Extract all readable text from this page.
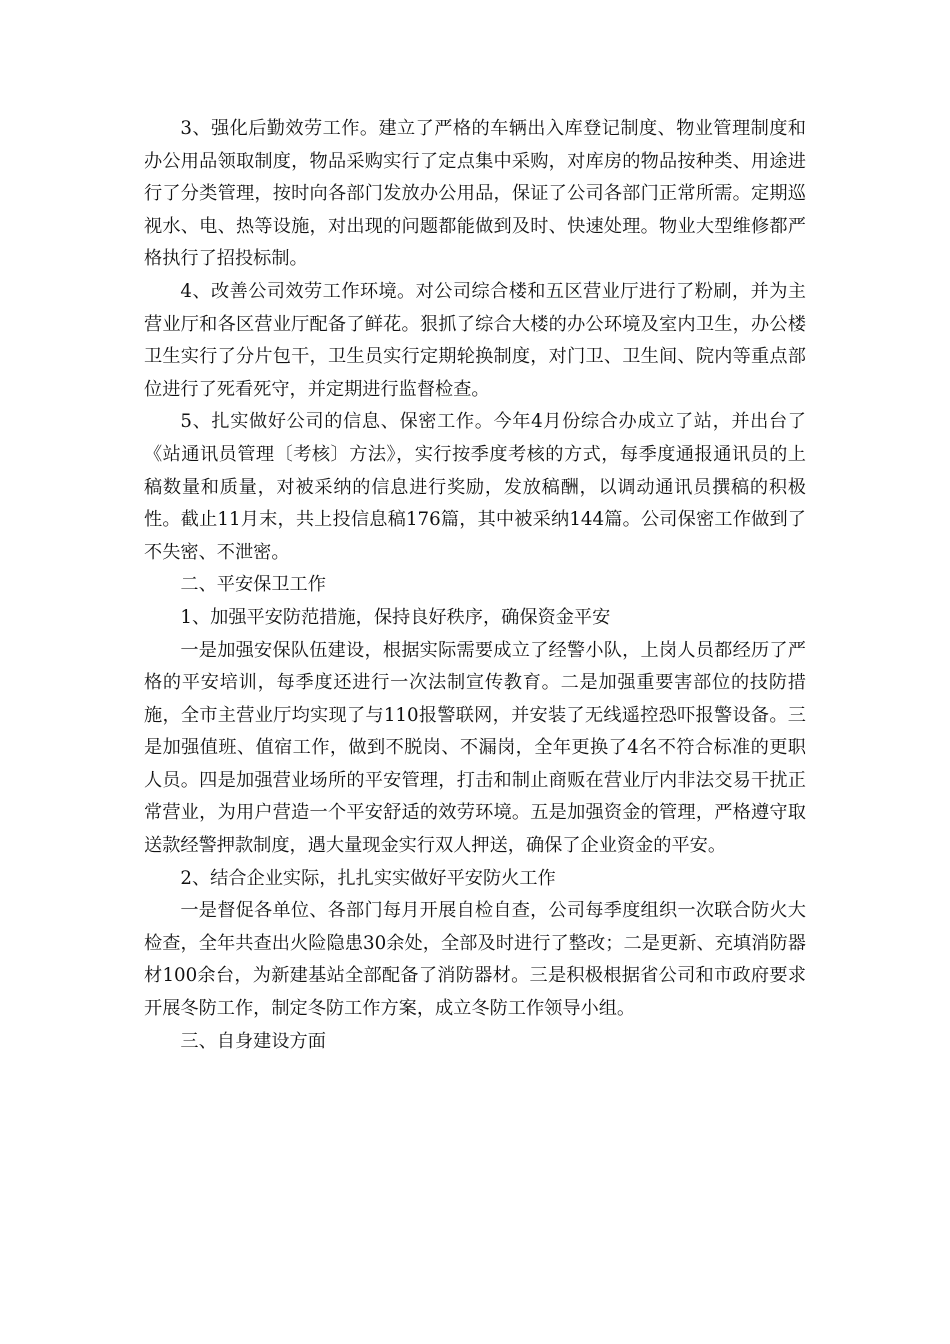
3、强化后勤效劳工作。建立了严格的车辆出入库登记制度、物业管理制度和办公用品领取制度，物品采购实行了定点集中采购，对库房的物品按种类、用途进行了分类管理，按时向各部门发放办公用品，保证了公司各部门正常所需。定期巡视水、电、热等设施，对出现的问题都能做到及时、快速处理。物业大型维修都严格执行了招投标制。

4、改善公司效劳工作环境。对公司综合楼和五区营业厅进行了粉刷，并为主营业厅和各区营业厅配备了鲜花。狠抓了综合大楼的办公环境及室内卫生，办公楼卫生实行了分片包干，卫生员实行定期轮换制度，对门卫、卫生间、院内等重点部位进行了死看死守，并定期进行监督检查。

5、扎实做好公司的信息、保密工作。今年4月份综合办成立了站，并出台了《站通讯员管理〔考核〕方法》，实行按季度考核的方式，每季度通报通讯员的上稿数量和质量，对被采纳的信息进行奖励，发放稿酬，以调动通讯员撰稿的积极性。截止11月末，共上投信息稿176篇，其中被采纳144篇。公司保密工作做到了不失密、不泄密。

二、平安保卫工作

1、加强平安防范措施，保持良好秩序，确保资金平安

一是加强安保队伍建设，根据实际需要成立了经警小队，上岗人员都经历了严格的平安培训，每季度还进行一次法制宣传教育。二是加强重要害部位的技防措施，全市主营业厅均实现了与110报警联网，并安装了无线遥控恐吓报警设备。三是加强值班、值宿工作，做到不脱岗、不漏岗，全年更换了4名不符合标准的更职人员。四是加强营业场所的平安管理，打击和制止商贩在营业厅内非法交易干扰正常营业，为用户营造一个平安舒适的效劳环境。五是加强资金的管理，严格遵守取送款经警押款制度，遇大量现金实行双人押送，确保了企业资金的平安。

2、结合企业实际，扎扎实实做好平安防火工作

一是督促各单位、各部门每月开展自检自查，公司每季度组织一次联合防火大检查，全年共查出火险隐患30余处，全部及时进行了整改；二是更新、充填消防器材100余台，为新建基站全部配备了消防器材。三是积极根据省公司和市政府要求开展冬防工作，制定冬防工作方案，成立冬防工作领导小组。

三、自身建设方面
